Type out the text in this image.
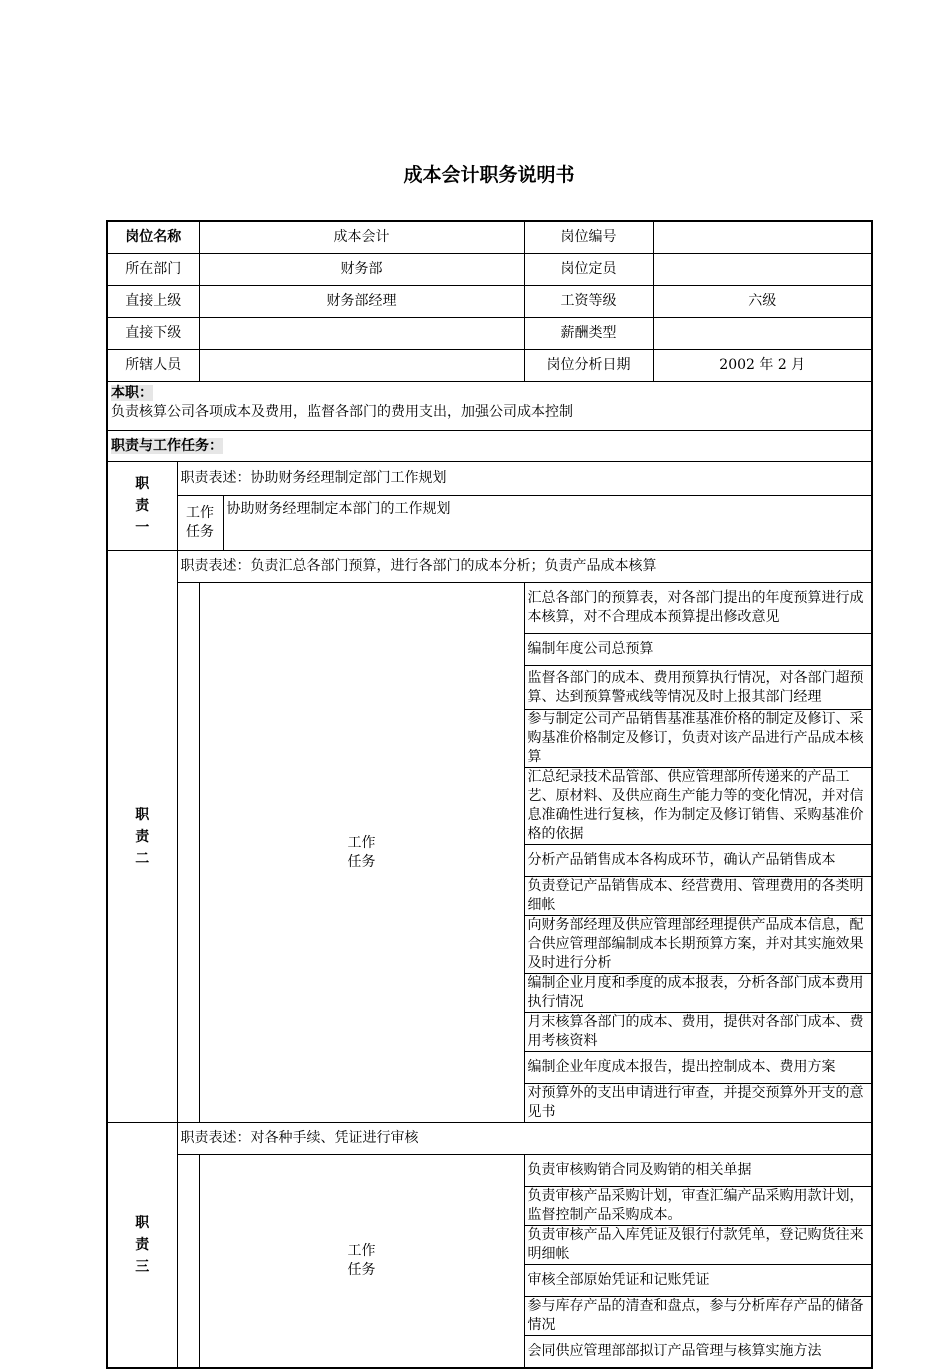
成本会计职务说明书
岗位名称		成本会计		岗位编号	
所在部门		财务部		岗位定员	
直接上级		财务部经理		工资等级	六级
直接下级				薪酬类型	
所辖人员				岗位分析日期	2002 年 2 月

本职：
负责核算公司各项成本及费用，监督各部门的费用支出，加强公司成本控制					

职责与工作任务：					

职
责
一	职责表述：协助财务经理制定部门工作规划				

	工作
任务		协助财务经理制定本部门的工作规划		

职
责
二	职责表述：负责汇总各部门预算，进行各部门的成本分析；负责产品成本核算				

		工作
任务		汇总各部门的预算表，对各部门提出的年度预算进行成本核算，对不合理成本预算提出修改意见	
				编制年度公司总预算	
				监督各部门的成本、费用预算执行情况，对各部门超预算、达到预算警戒线等情况及时上报其部门经理	
				参与制定公司产品销售基准基准价格的制定及修订、采购基准价格制定及修订，负责对该产品进行产品成本核算	
				汇总纪录技术品管部、供应管理部所传递来的产品工艺、原材料、及供应商生产能力等的变化情况，并对信息准确性进行复核，作为制定及修订销售、采购基准价格的依据	
				分析产品销售成本各构成环节，确认产品销售成本	
				负责登记产品销售成本、经营费用、管理费用的各类明细帐	
				向财务部经理及供应管理部经理提供产品成本信息，配合供应管理部编制成本长期预算方案，并对其实施效果及时进行分析	
				编制企业月度和季度的成本报表，分析各部门成本费用执行情况	
				月末核算各部门的成本、费用，提供对各部门成本、费用考核资料	
				编制企业年度成本报告，提出控制成本、费用方案	
				对预算外的支出申请进行审查，并提交预算外开支的意见书	

职
责
三	职责表述：对各种手续、凭证进行审核				

		工作
任务		负责审核购销合同及购销的相关单据	
				负责审核产品采购计划，审查汇编产品采购用款计划，监督控制产品采购成本。	
				负责审核产品入库凭证及银行付款凭单，登记购货往来明细帐	
				审核全部原始凭证和记账凭证	
				参与库存产品的清查和盘点，参与分析库存产品的储备情况	
				会同供应管理部部拟订产品管理与核算实施方法	
